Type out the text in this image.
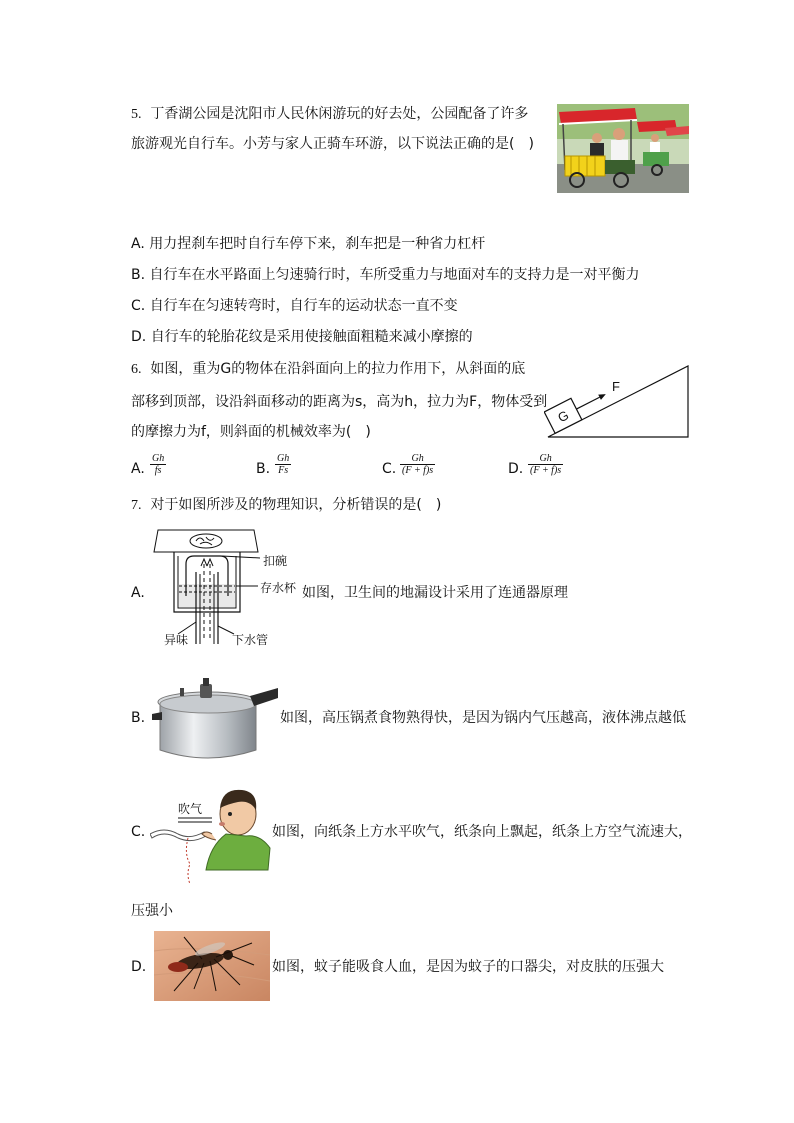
5. 丁香湖公园是沈阳市人民休闲游玩的好去处，公园配备了许多
旅游观光自行车。小芳与家人正骑车环游，以下说法正确的是(　)
A. 用力捏刹车把时自行车停下来，刹车把是一种省力杠杆
B. 自行车在水平路面上匀速骑行时，车所受重力与地面对车的支持力是一对平衡力
C. 自行车在匀速转弯时，自行车的运动状态一直不变
D. 自行车的轮胎花纹是采用使接触面粗糙来减小摩擦的
6. 如图，重为G的物体在沿斜面向上的拉力作用下，从斜面的底
部移到顶部，设沿斜面移动的距离为s，高为h，拉力为F，物体受到
的摩擦力为f，则斜面的机械效率为(　)
G
F
A.
Gh
fs	B.
Gh
Fs	C.
Gh
(F + f)s	D.
Gh
(F + f)s
7. 对于如图所涉及的物理知识，分析错误的是(　)
A.
扣碗
存水杯
异味	下水管
如图，卫生间的地漏设计采用了连通器原理
B.	如图，高压锅煮食物熟得快，是因为锅内气压越高，液体沸点越低
C.
吹气
如图，向纸条上方水平吹气，纸条向上飘起，纸条上方空气流速大，
压强小
D.	如图，蚊子能吸食人血，是因为蚊子的口器尖，对皮肤的压强大
